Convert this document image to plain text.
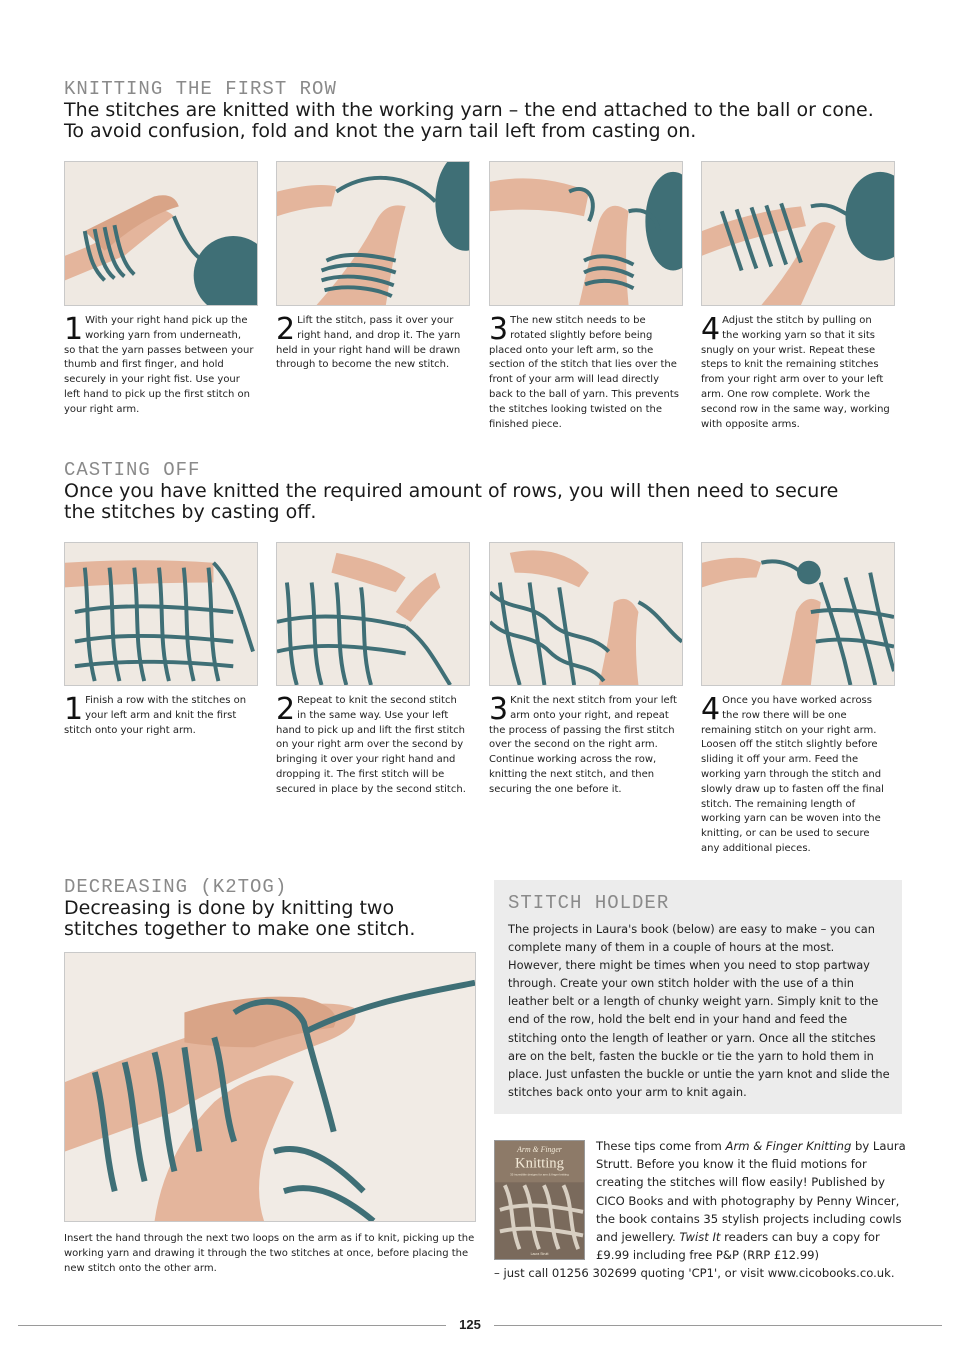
KNITTING THE FIRST ROW
The stitches are knitted with the working yarn – the end attached to the ball or cone. To avoid confusion, fold and knot the yarn tail left from casting on.
1 With your right hand pick up the working yarn from underneath, so that the yarn passes between your thumb and first finger, and hold securely in your right fist. Use your left hand to pick up the first stitch on your right arm.
2 Lift the stitch, pass it over your right hand, and drop it. The yarn held in your right hand will be drawn through to become the new stitch.
3 The new stitch needs to be rotated slightly before being placed onto your left arm, so the section of the stitch that lies over the front of your arm will lead directly back to the ball of yarn. This prevents the stitches looking twisted on the finished piece.
4 Adjust the stitch by pulling on the working yarn so that it sits snugly on your wrist. Repeat these steps to knit the remaining stitches from your right arm over to your left arm. One row complete. Work the second row in the same way, working with opposite arms.
CASTING OFF
Once you have knitted the required amount of rows, you will then need to secure the stitches by casting off.
1 Finish a row with the stitches on your left arm and knit the first stitch onto your right arm.
2 Repeat to knit the second stitch in the same way. Use your left hand to pick up and lift the first stitch on your right arm over the second by bringing it over your right hand and dropping it. The first stitch will be secured in place by the second stitch.
3 Knit the next stitch from your left arm onto your right, and repeat the process of passing the first stitch over the second on the right arm. Continue working across the row, knitting the next stitch, and then securing the one before it.
4 Once you have worked across the row there will be one remaining stitch on your right arm. Loosen off the stitch slightly before sliding it off your arm. Feed the working yarn through the stitch and slowly draw up to fasten off the final stitch. The remaining length of working yarn can be woven into the knitting, or can be used to secure any additional pieces.
DECREASING (K2TOG)
Decreasing is done by knitting two stitches together to make one stitch.
Insert the hand through the next two loops on the arm as if to knit, picking up the working yarn and drawing it through the two stitches at once, before placing the new stitch onto the other arm.
STITCH HOLDER
The projects in Laura's book (below) are easy to make – you can complete many of them in a couple of hours at the most. However, there might be times when you need to stop partway through. Create your own stitch holder with the use of a thin leather belt or a length of chunky weight yarn. Simply knit to the end of the row, hold the belt end in your hand and feed the stitching onto the length of leather or yarn. Once all the stitches are on the belt, fasten the buckle or tie the yarn to hold them in place. Just unfasten the buckle or untie the yarn knot and slide the stitches back onto your arm to knit again.
Arm & Finger
Knitting
35 incredible designs for arm & finger knitting
Laura Strutt
These tips come from Arm & Finger Knitting by Laura Strutt. Before you know it the fluid motions for creating the stitches will flow easily! Published by CICO Books and with photography by Penny Wincer, the book contains 35 stylish projects including cowls and jewellery. Twist It readers can buy a copy for £9.99 including free P&P (RRP £12.99)
– just call 01256 302699 quoting 'CP1', or visit www.cicobooks.co.uk.
125
